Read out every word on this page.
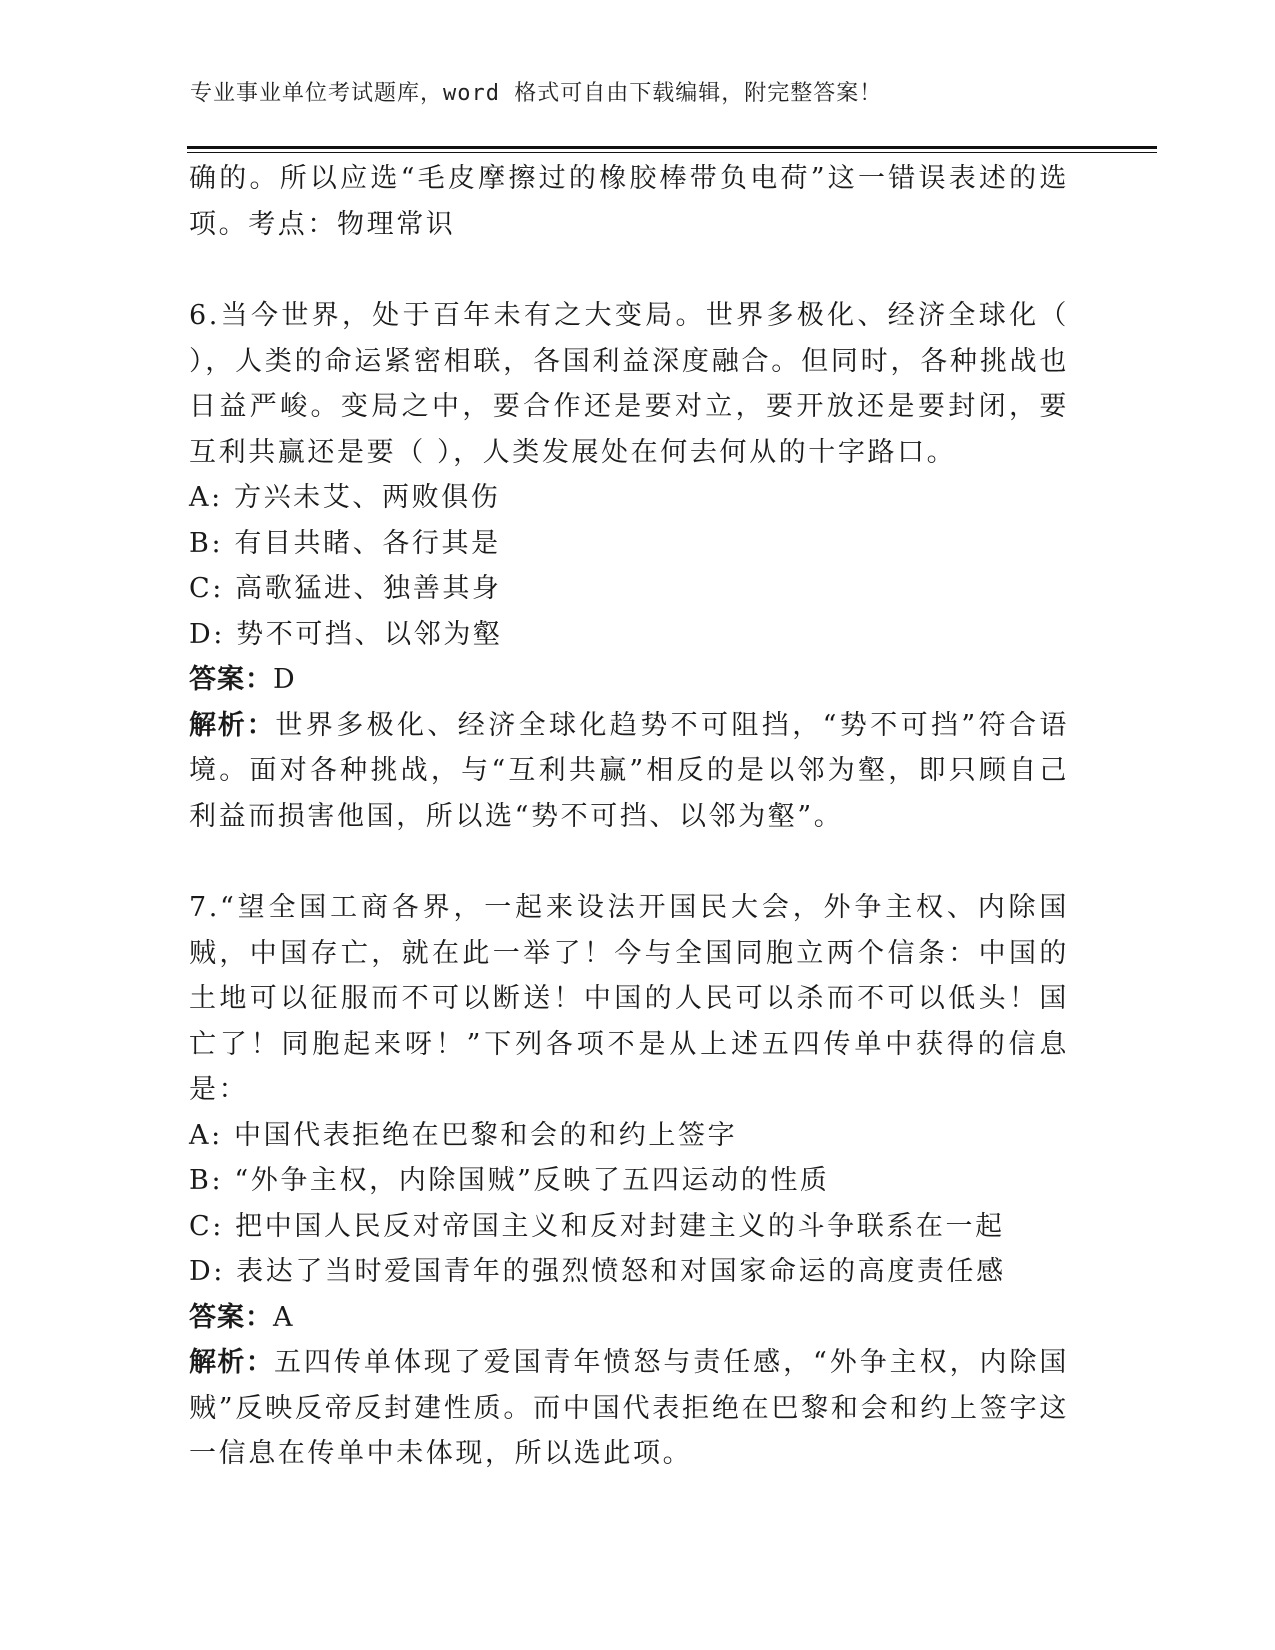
专业事业单位考试题库，word 格式可自由下载编辑，附完整答案！

确的。所以应选“毛皮摩擦过的橡胶棒带负电荷”这一错误表述的选项。考点：物理常识

6.当今世界，处于百年未有之大变局。世界多极化、经济全球化（ ），人类的命运紧密相联，各国利益深度融合。但同时，各种挑战也日益严峻。变局之中，要合作还是要对立，要开放还是要封闭，要互利共赢还是要（ ），人类发展处在何去何从的十字路口。

A: 方兴未艾、两败俱伤

B: 有目共睹、各行其是

C: 高歌猛进、独善其身

D: 势不可挡、以邻为壑

答案：D

解析：世界多极化、经济全球化趋势不可阻挡，“势不可挡”符合语境。面对各种挑战，与“互利共赢”相反的是以邻为壑，即只顾自己利益而损害他国，所以选“势不可挡、以邻为壑”。

7.“望全国工商各界，一起来设法开国民大会，外争主权、内除国贼，中国存亡，就在此一举了！今与全国同胞立两个信条：中国的土地可以征服而不可以断送！中国的人民可以杀而不可以低头！国亡了！同胞起来呀！”下列各项不是从上述五四传单中获得的信息是：

A: 中国代表拒绝在巴黎和会的和约上签字

B: “外争主权，内除国贼”反映了五四运动的性质

C: 把中国人民反对帝国主义和反对封建主义的斗争联系在一起

D: 表达了当时爱国青年的强烈愤怒和对国家命运的高度责任感

答案：A

解析：五四传单体现了爱国青年愤怒与责任感，“外争主权，内除国贼”反映反帝反封建性质。而中国代表拒绝在巴黎和会和约上签字这一信息在传单中未体现，所以选此项。
